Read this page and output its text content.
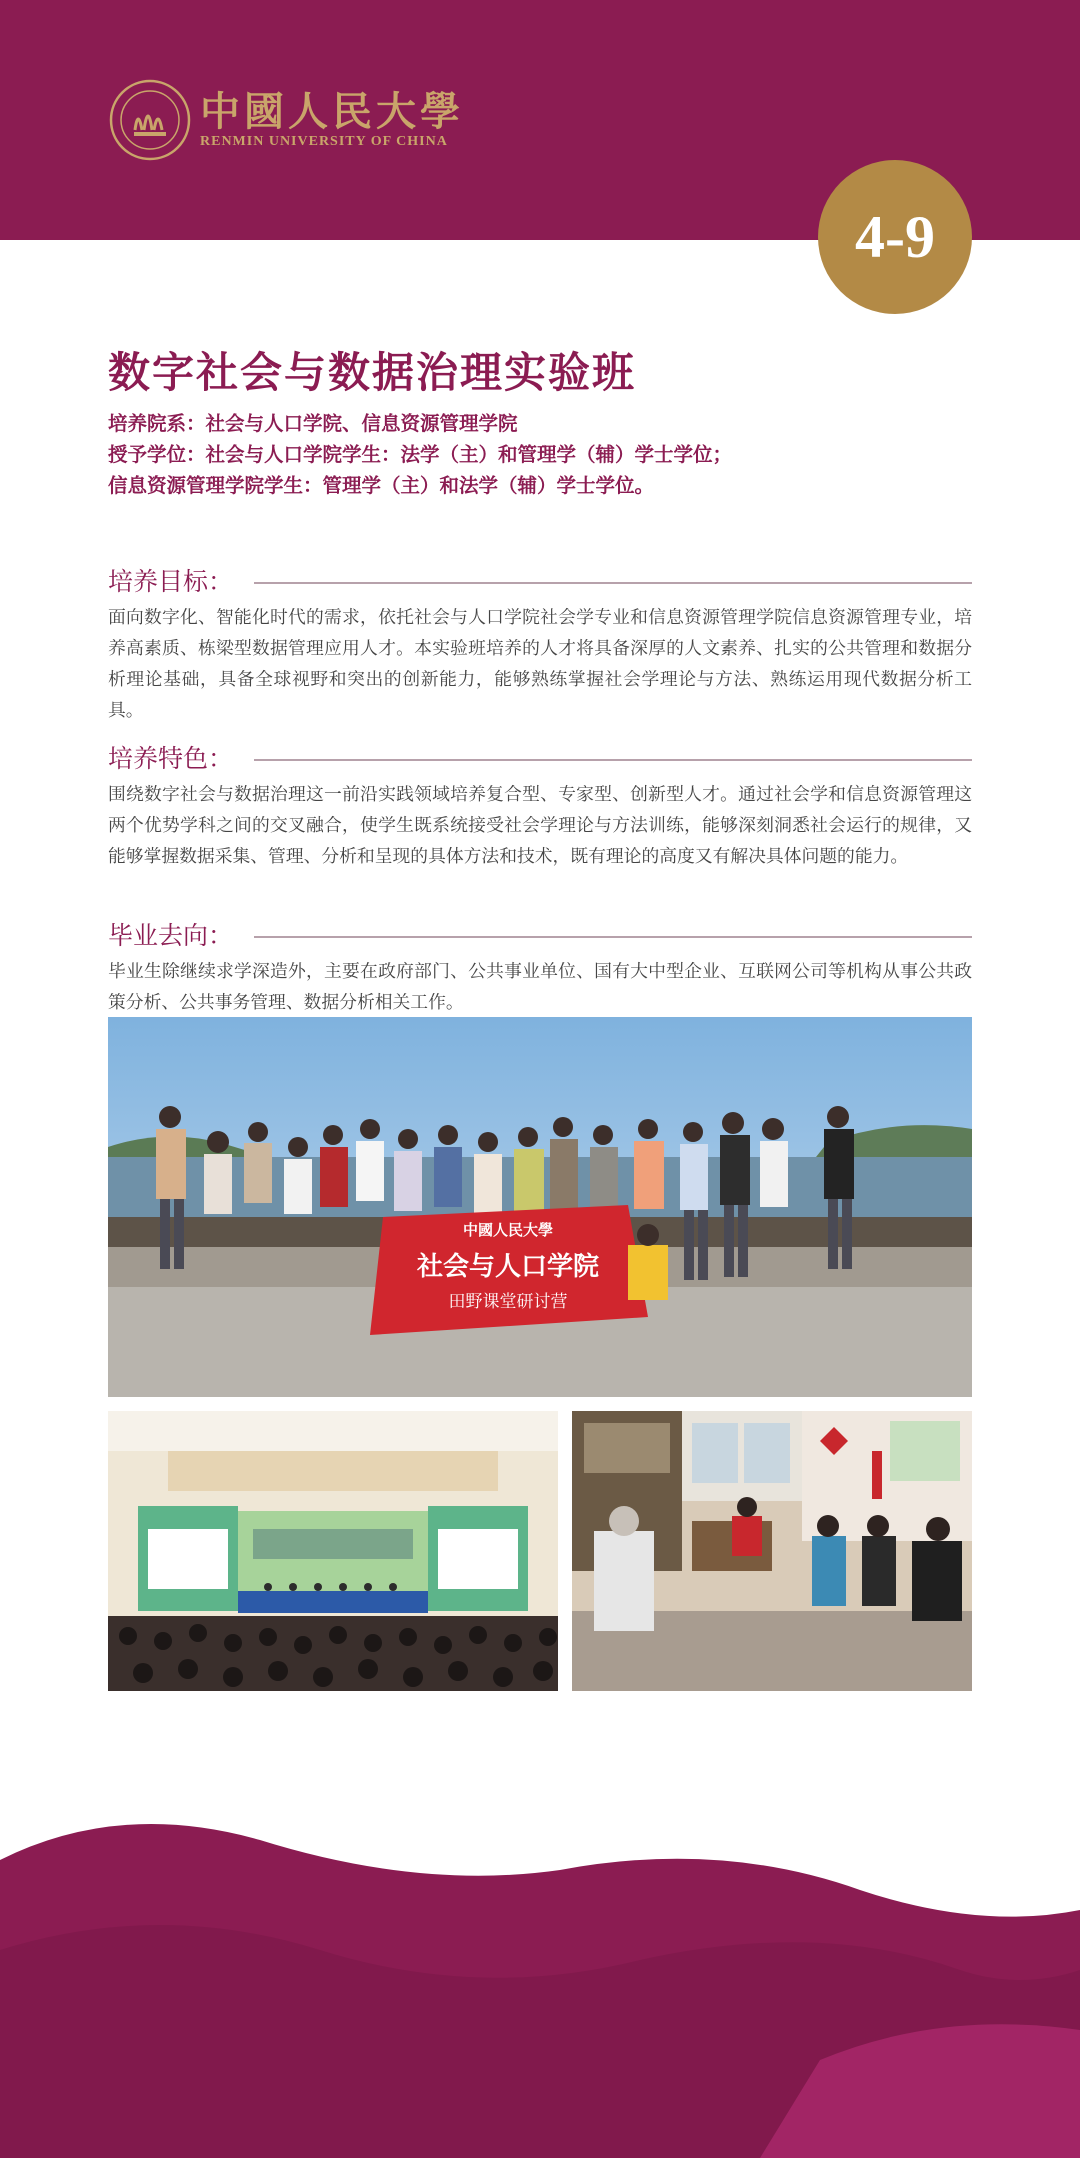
中國人民大學
RENMIN UNIVERSITY OF CHINA
4-9
数字社会与数据治理实验班
培养院系：社会与人口学院、信息资源管理学院
授予学位：社会与人口学院学生：法学（主）和管理学（辅）学士学位；
信息资源管理学院学生：管理学（主）和法学（辅）学士学位。
培养目标：
面向数字化、智能化时代的需求，依托社会与人口学院社会学专业和信息资源管理学院信息资源管理专业，培养高素质、栋梁型数据管理应用人才。本实验班培养的人才将具备深厚的人文素养、扎实的公共管理和数据分析理论基础，具备全球视野和突出的创新能力，能够熟练掌握社会学理论与方法、熟练运用现代数据分析工具。
培养特色：
围绕数字社会与数据治理这一前沿实践领域培养复合型、专家型、创新型人才。通过社会学和信息资源管理这两个优势学科之间的交叉融合，使学生既系统接受社会学理论与方法训练，能够深刻洞悉社会运行的规律，又能够掌握数据采集、管理、分析和呈现的具体方法和技术，既有理论的高度又有解决具体问题的能力。
毕业去向：
毕业生除继续求学深造外，主要在政府部门、公共事业单位、国有大中型企业、互联网公司等机构从事公共政策分析、公共事务管理、数据分析相关工作。
中國人民大學
社会与人口学院
田野课堂研讨营
